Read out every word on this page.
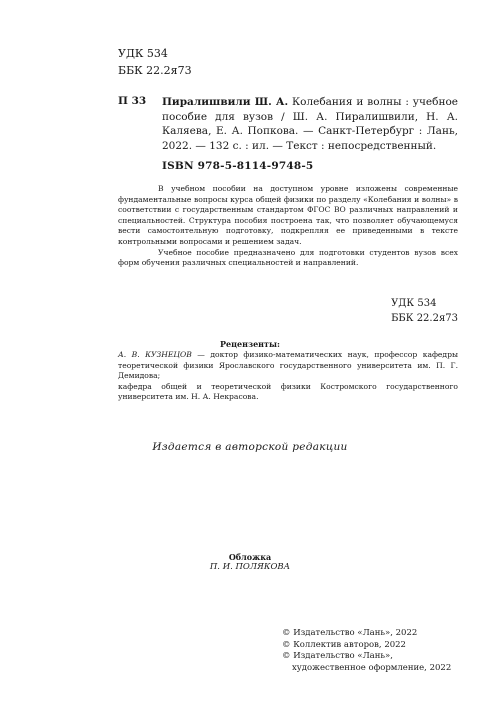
УДК 534
ББК 22.2я73
П 33 Пиралишвили Ш. А. Колебания и волны : учебное пособие для вузов / Ш. А. Пиралишвили, Н. А. Каляева, Е. А. Попкова. — Санкт-Петербург : Лань, 2022. — 132 с. : ил. — Текст : непосредственный.
ISBN 978-5-8114-9748-5

В учебном пособии на доступном уровне изложены современные фундаментальные вопросы курса общей физики по разделу «Колебания и волны» в соответствии с государственным стандартом ФГОС ВО различных направлений и специальностей. Структура пособия построена так, что позволяет обучающемуся вести самостоятельную подготовку, подкрепляя ее приведенными в тексте контрольными вопросами и решением задач.

Учебное пособие предназначено для подготовки студентов вузов всех форм обучения различных специальностей и направлений.

УДК 534
ББК 22.2я73
Рецензенты:

А. В. КУЗНЕЦОВ — доктор физико-математических наук, профессор кафедры теоретической физики Ярославского государственного университета им. П. Г. Демидова;

кафедра общей и теоретической физики Костромского государственного университета им. Н. А. Некрасова.

Издается в авторской редакции
Обложка
П. И. ПОЛЯКОВА
© Издательство «Лань», 2022
© Коллектив авторов, 2022
© Издательство «Лань»,
художественное оформление, 2022
